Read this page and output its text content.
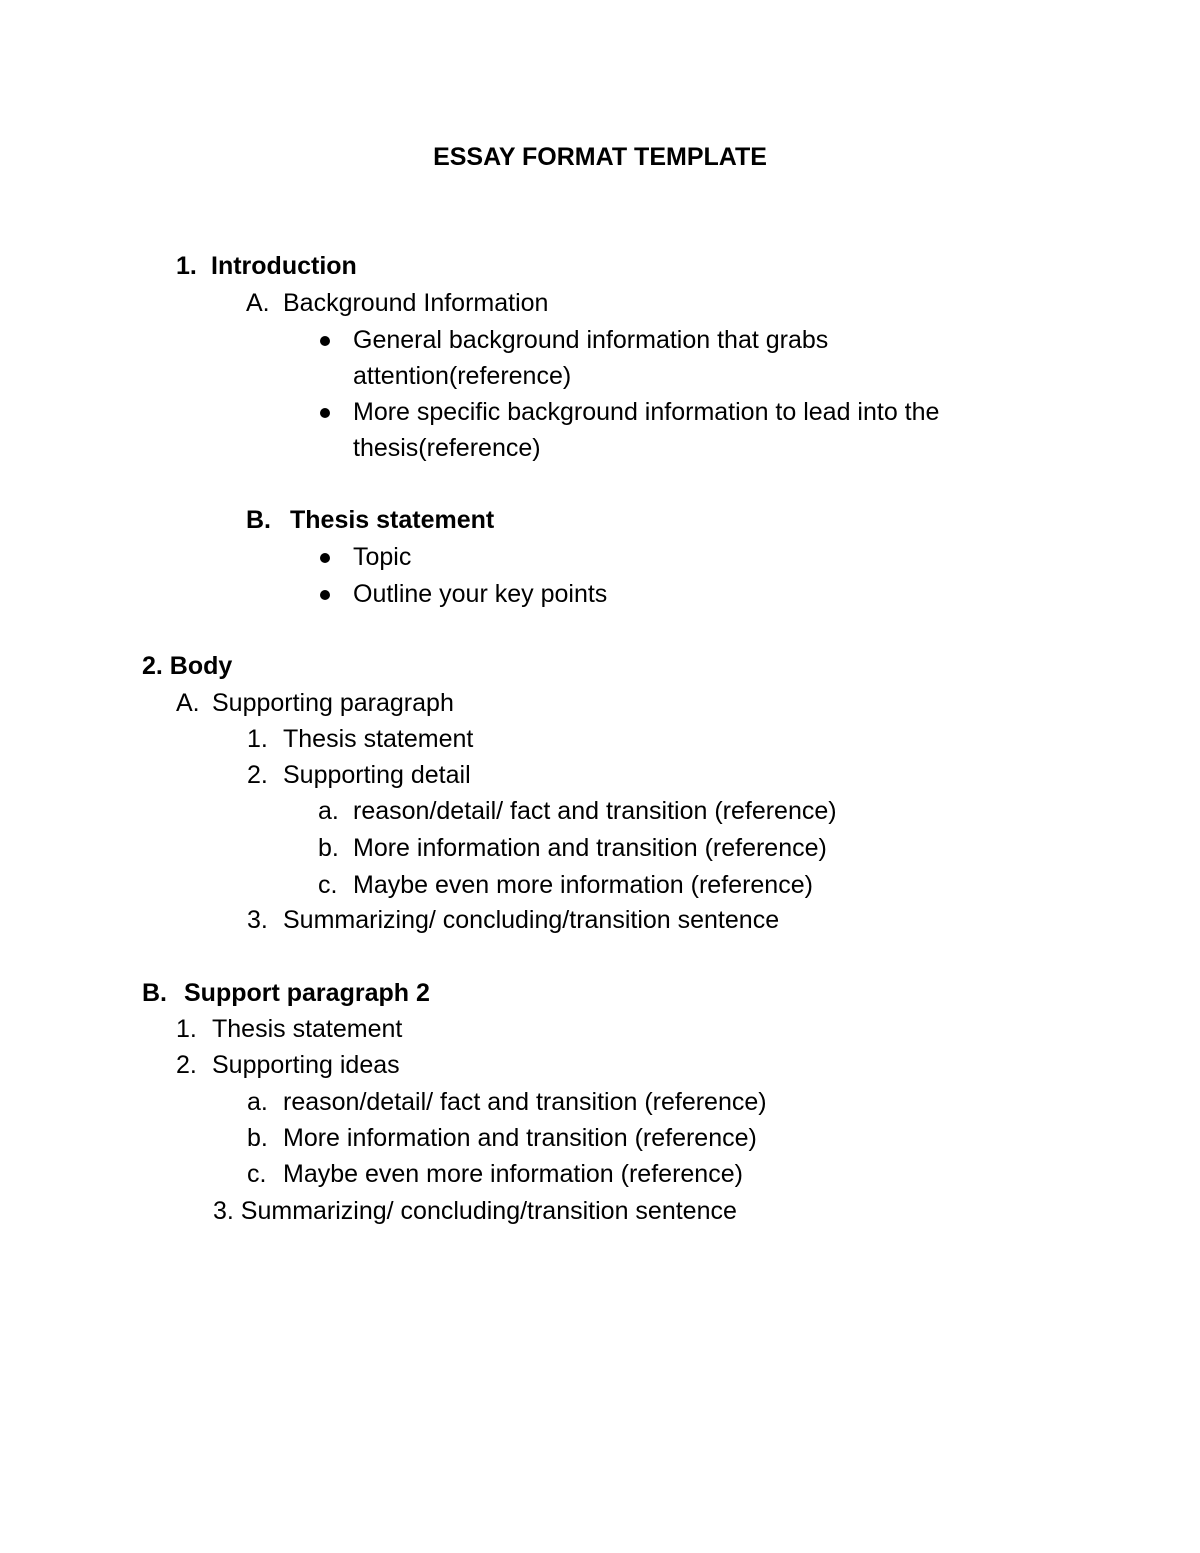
ESSAY FORMAT TEMPLATE
1. Introduction
A. Background Information
General background information that grabs
attention(reference)
More specific background information to lead into the
thesis(reference)
B. Thesis statement
Topic
Outline your key points
2. Body
A. Supporting paragraph
1. Thesis statement
2. Supporting detail
a. reason/detail/ fact and transition (reference)
b. More information and transition (reference)
c. Maybe even more information (reference)
3. Summarizing/ concluding/transition sentence
B. Support paragraph 2
1. Thesis statement
2. Supporting ideas
a. reason/detail/ fact and transition (reference)
b. More information and transition (reference)
c. Maybe even more information (reference)
3. Summarizing/ concluding/transition sentence
